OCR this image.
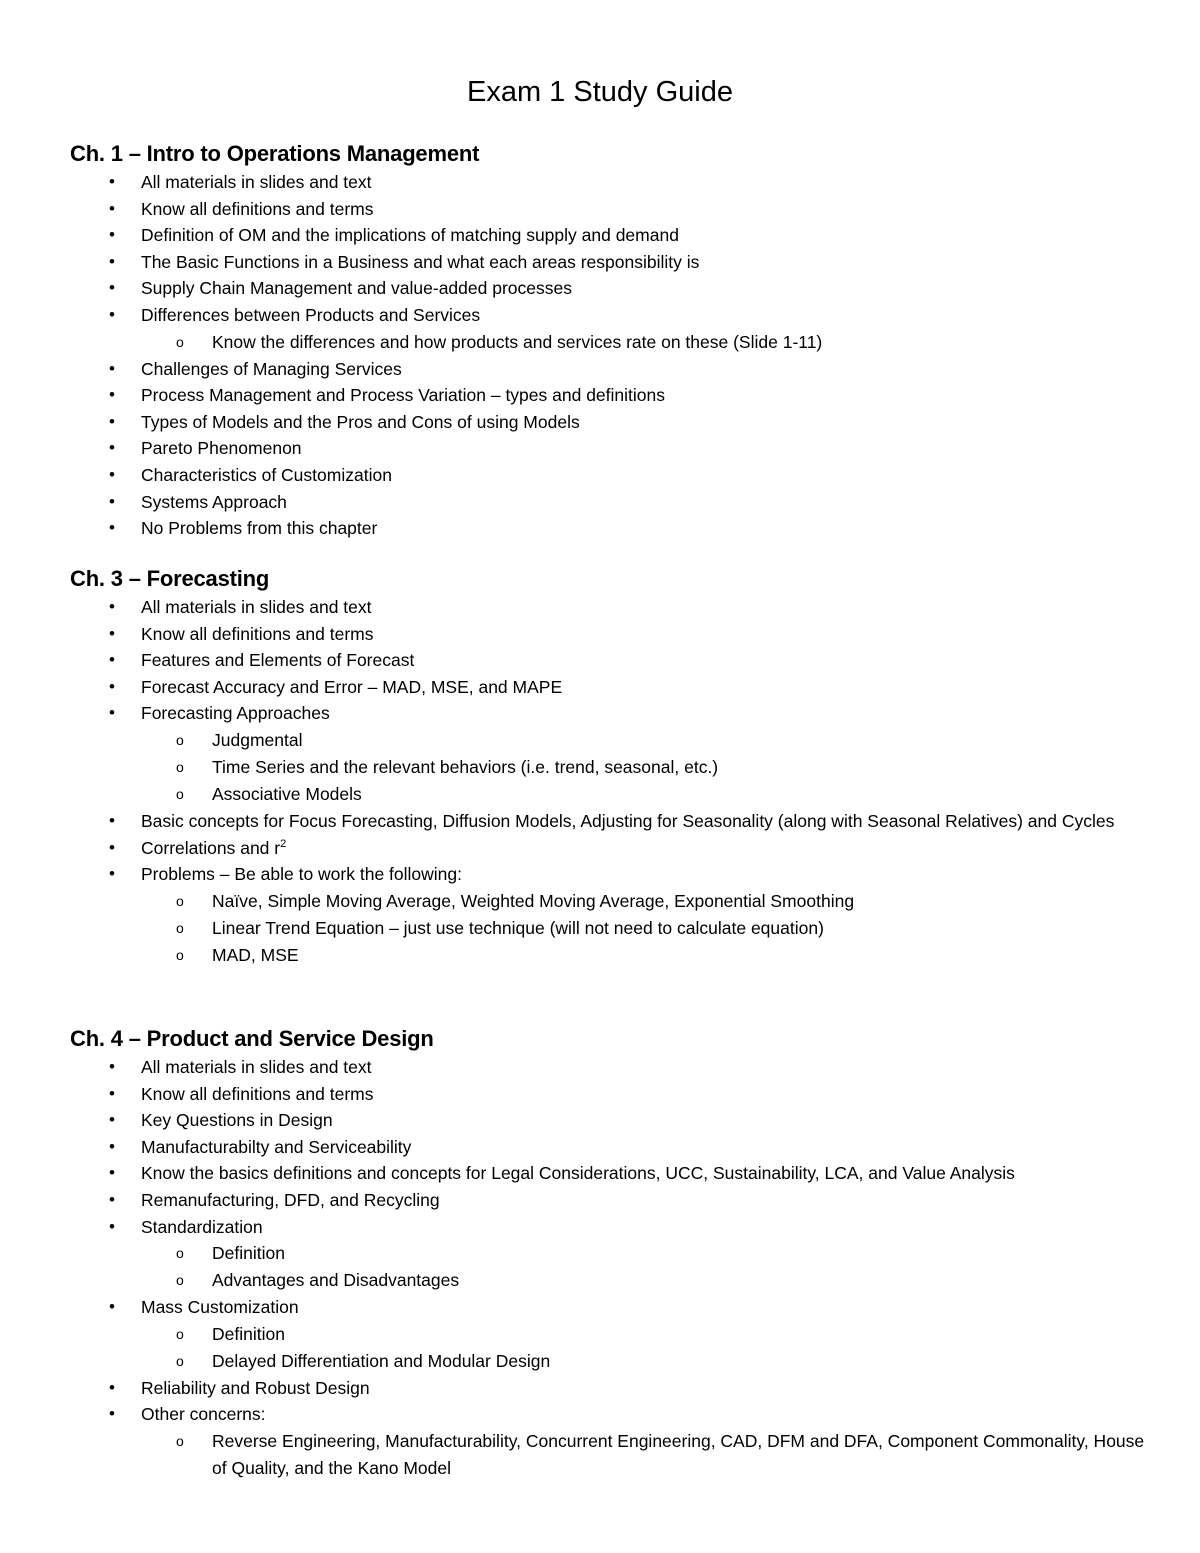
Exam 1 Study Guide
Ch. 1 – Intro to Operations Management
• All materials in slides and text
• Know all definitions and terms
• Definition of OM and the implications of matching supply and demand
• The Basic Functions in a Business and what each areas responsibility is
• Supply Chain Management and value-added processes
• Differences between Products and Services
o Know the differences and how products and services rate on these (Slide 1-11)
• Challenges of Managing Services
• Process Management and Process Variation – types and definitions
• Types of Models and the Pros and Cons of using Models
• Pareto Phenomenon
• Characteristics of Customization
• Systems Approach
• No Problems from this chapter
Ch. 3 – Forecasting
• All materials in slides and text
• Know all definitions and terms
• Features and Elements of Forecast
• Forecast Accuracy and Error – MAD, MSE, and MAPE
• Forecasting Approaches
o Judgmental
o Time Series and the relevant behaviors (i.e. trend, seasonal, etc.)
o Associative Models
• Basic concepts for Focus Forecasting, Diffusion Models, Adjusting for Seasonality (along with Seasonal Relatives) and Cycles
• Correlations and $r^2$
• Problems – Be able to work the following:
o Naïve, Simple Moving Average, Weighted Moving Average, Exponential Smoothing
o Linear Trend Equation – just use technique (will not need to calculate equation)
o MAD, MSE
Ch. 4 – Product and Service Design
• All materials in slides and text
• Know all definitions and terms
• Key Questions in Design
• Manufacturabilty and Serviceability
• Know the basics definitions and concepts for Legal Considerations, UCC, Sustainability, LCA, and Value Analysis
• Remanufacturing, DFD, and Recycling
• Standardization
o Definition
o Advantages and Disadvantages
• Mass Customization
o Definition
o Delayed Differentiation and Modular Design
• Reliability and Robust Design
• Other concerns:
o Reverse Engineering, Manufacturability, Concurrent Engineering, CAD, DFM and DFA, Component Commonality, House of Quality, and the Kano Model
